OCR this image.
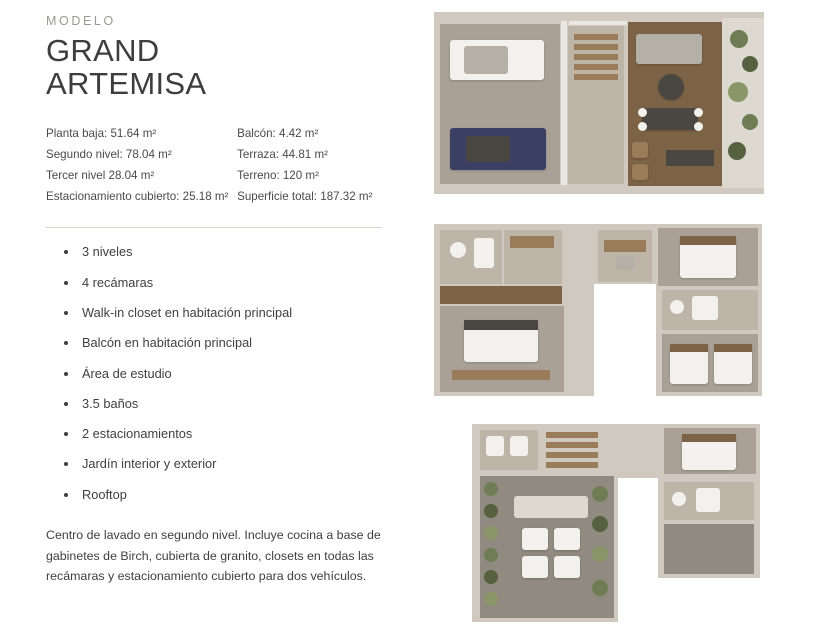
MODELO
GRAND
ARTEMISA
Planta baja: 51.64 m²
Segundo nivel: 78.04 m²
Tercer nivel 28.04 m²
Estacionamiento cubierto: 25.18 m²
Balcón: 4.42 m²
Terraza: 44.81 m²
Terreno: 120 m²
Superficie total: 187.32 m²
3 niveles
4 recámaras
Walk-in closet en habitación principal
Balcón en habitación principal
Área de estudio
3.5 baños
2 estacionamientos
Jardín interior y exterior
Rooftop

Centro de lavado en segundo nivel. Incluye cocina a base de gabinetes de Birch, cubierta de granito, closets en todas las recámaras y estacionamiento cubierto para dos vehículos.
